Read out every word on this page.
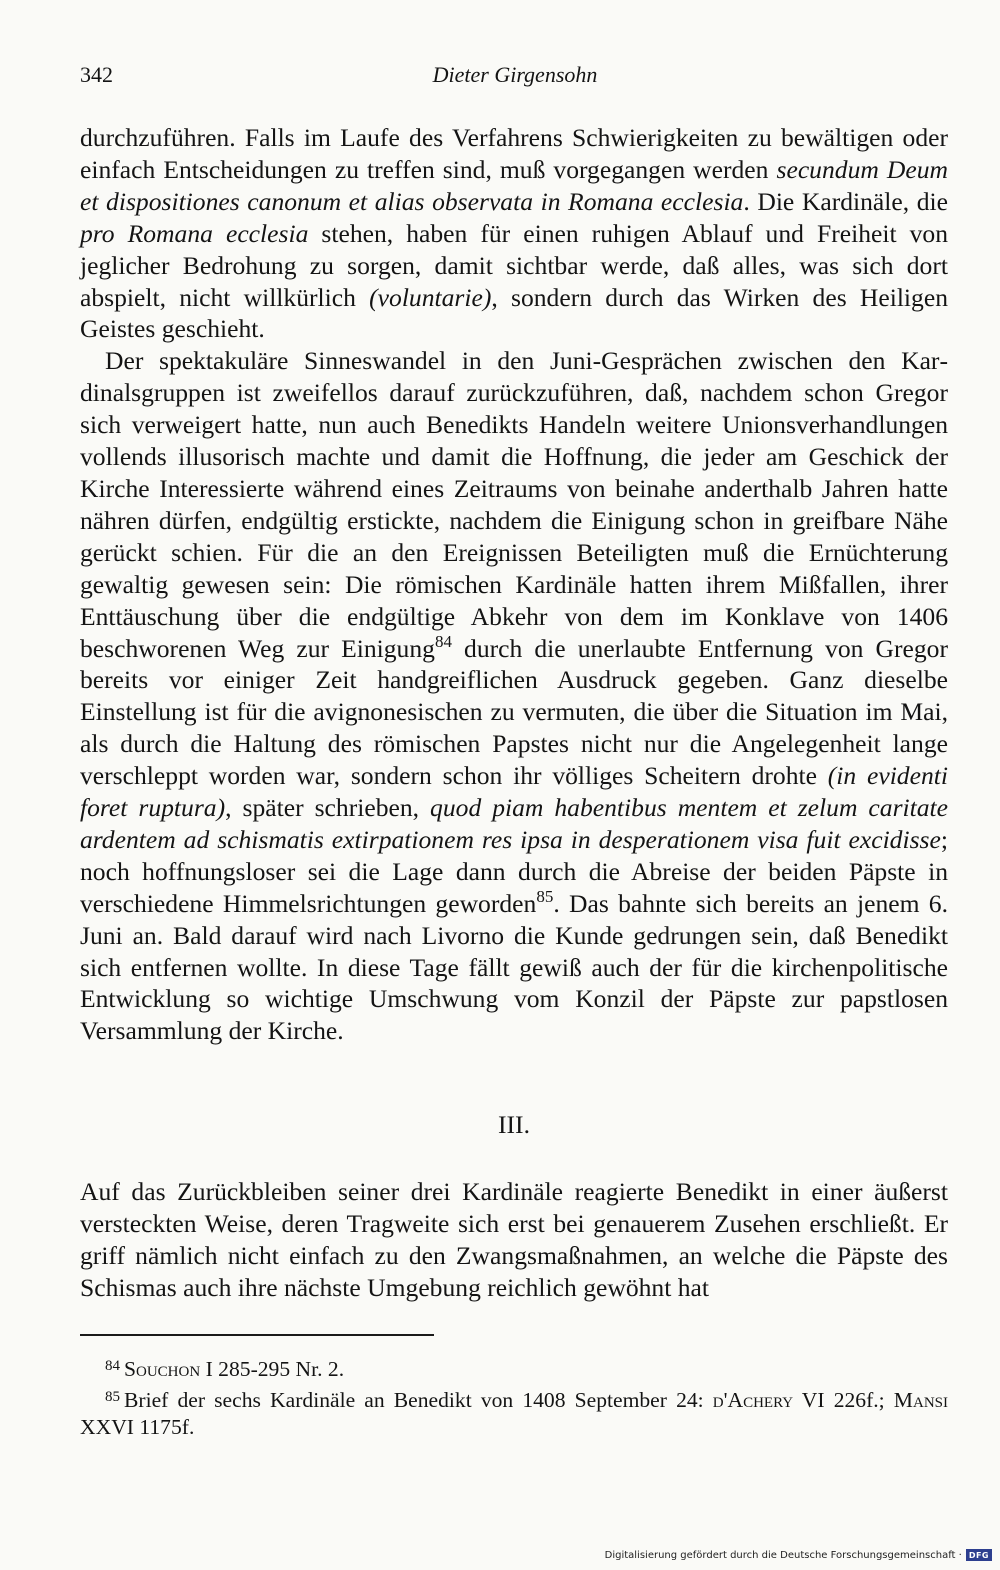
342	Dieter Girgensohn

durchzuführen. Falls im Laufe des Verfahrens Schwierigkeiten zu bewältigen oder einfach Entscheidungen zu treffen sind, muß vorgegangen werden secundum Deum et dispositiones canonum et alias observata in Romana ecclesia. Die Kardinäle, die pro Romana ecclesia stehen, haben für einen ruhigen Ablauf und Freiheit von jeglicher Bedrohung zu sorgen, damit sichtbar werde, daß alles, was sich dort abspielt, nicht willkürlich (voluntarie), sondern durch das Wirken des Heiligen Geistes geschieht.

Der spektakuläre Sinneswandel in den Juni-Gesprächen zwischen den Kardinalsgruppen ist zweifellos darauf zurückzuführen, daß, nachdem schon Gregor sich verweigert hatte, nun auch Benedikts Handeln weitere Unionsverhandlungen vollends illusorisch machte und damit die Hoffnung, die jeder am Geschick der Kirche Interessierte während eines Zeitraums von beinahe anderthalb Jahren hatte nähren dürfen, endgültig erstickte, nachdem die Einigung schon in greifbare Nähe gerückt schien. Für die an den Ereignissen Beteiligten muß die Ernüchterung gewaltig gewesen sein: Die römischen Kardinäle hatten ihrem Mißfallen, ihrer Enttäuschung über die endgültige Abkehr von dem im Konklave von 1406 beschworenen Weg zur Einigung$^{84}$ durch die unerlaubte Entfernung von Gregor bereits vor einiger Zeit handgreiflichen Ausdruck gegeben. Ganz dieselbe Einstellung ist für die avignonesischen zu vermuten, die über die Situation im Mai, als durch die Haltung des römischen Papstes nicht nur die Angelegenheit lange verschleppt worden war, sondern schon ihr völliges Scheitern drohte (in evidenti foret ruptura), später schrieben, quod piam habentibus mentem et zelum caritate ardentem ad schismatis extirpationem res ipsa in desperationem visa fuit excidisse; noch hoffnungsloser sei die Lage dann durch die Abreise der beiden Päpste in verschiedene Himmelsrichtungen geworden$^{85}$. Das bahnte sich bereits an jenem 6. Juni an. Bald darauf wird nach Livorno die Kunde gedrungen sein, daß Benedikt sich entfernen wollte. In diese Tage fällt gewiß auch der für die kirchenpolitische Entwicklung so wichtige Umschwung vom Konzil der Päpste zur papstlosen Versammlung der Kirche.

III.

Auf das Zurückbleiben seiner drei Kardinäle reagierte Benedikt in einer äußerst versteckten Weise, deren Tragweite sich erst bei genauerem Zusehen erschließt. Er griff nämlich nicht einfach zu den Zwangsmaßnahmen, an welche die Päpste des Schismas auch ihre nächste Umgebung reichlich gewöhnt hat

$^{84}$ Souchon I 285-295 Nr. 2.

$^{85}$ Brief der sechs Kardinäle an Benedikt von 1408 September 24: d'Achery VI 226f.; Mansi XXVI 1175f.

Digitalisierung gefördert durch die Deutsche Forschungsgemeinschaft · DFG
